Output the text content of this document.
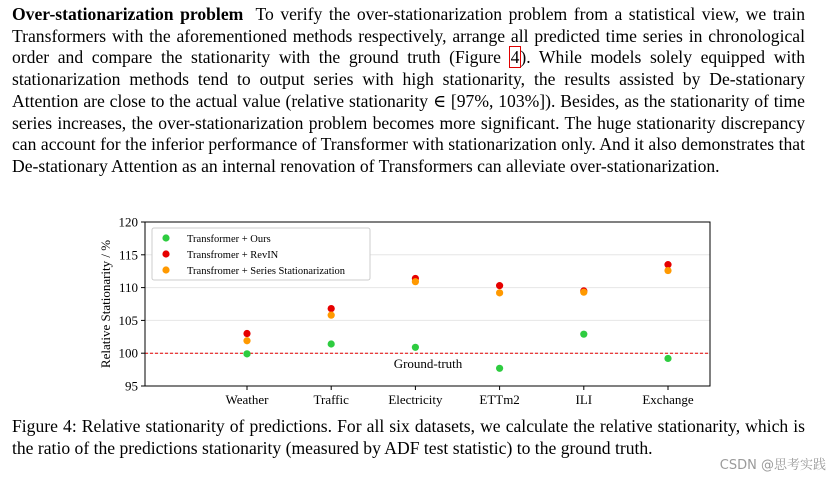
Over-stationarization problem To verify the over-stationarization problem from a statistical view, we train Transformers with the aforementioned methods respectively, arrange all predicted time series in chronological order and compare the stationarity with the ground truth (Figure 4). While models solely equipped with stationarization methods tend to output series with high stationarity, the results assisted by De-stationary Attention are close to the actual value (relative stationarity ∈ [97%, 103%]). Besides, as the stationarity of time series increases, the over-stationarization problem becomes more significant. The huge stationarity discrepancy can account for the inferior performance of Transformer with stationarization only. And it also demonstrates that De-stationary Attention as an internal renovation of Transformers can alleviate over-stationarization.
Ground-truth
95
100
105
110
115
120
Relative Stationarity / %
Weather	Traffic	Electricity	ETTm2	ILI	Exchange
Transformer + Ours
Transfromer + RevIN
Transfromer + Series Stationarization
Figure 4: Relative stationarity of predictions. For all six datasets, we calculate the relative stationarity, which is the ratio of the predictions stationarity (measured by ADF test statistic) to the ground truth.
CSDN @思考实践
